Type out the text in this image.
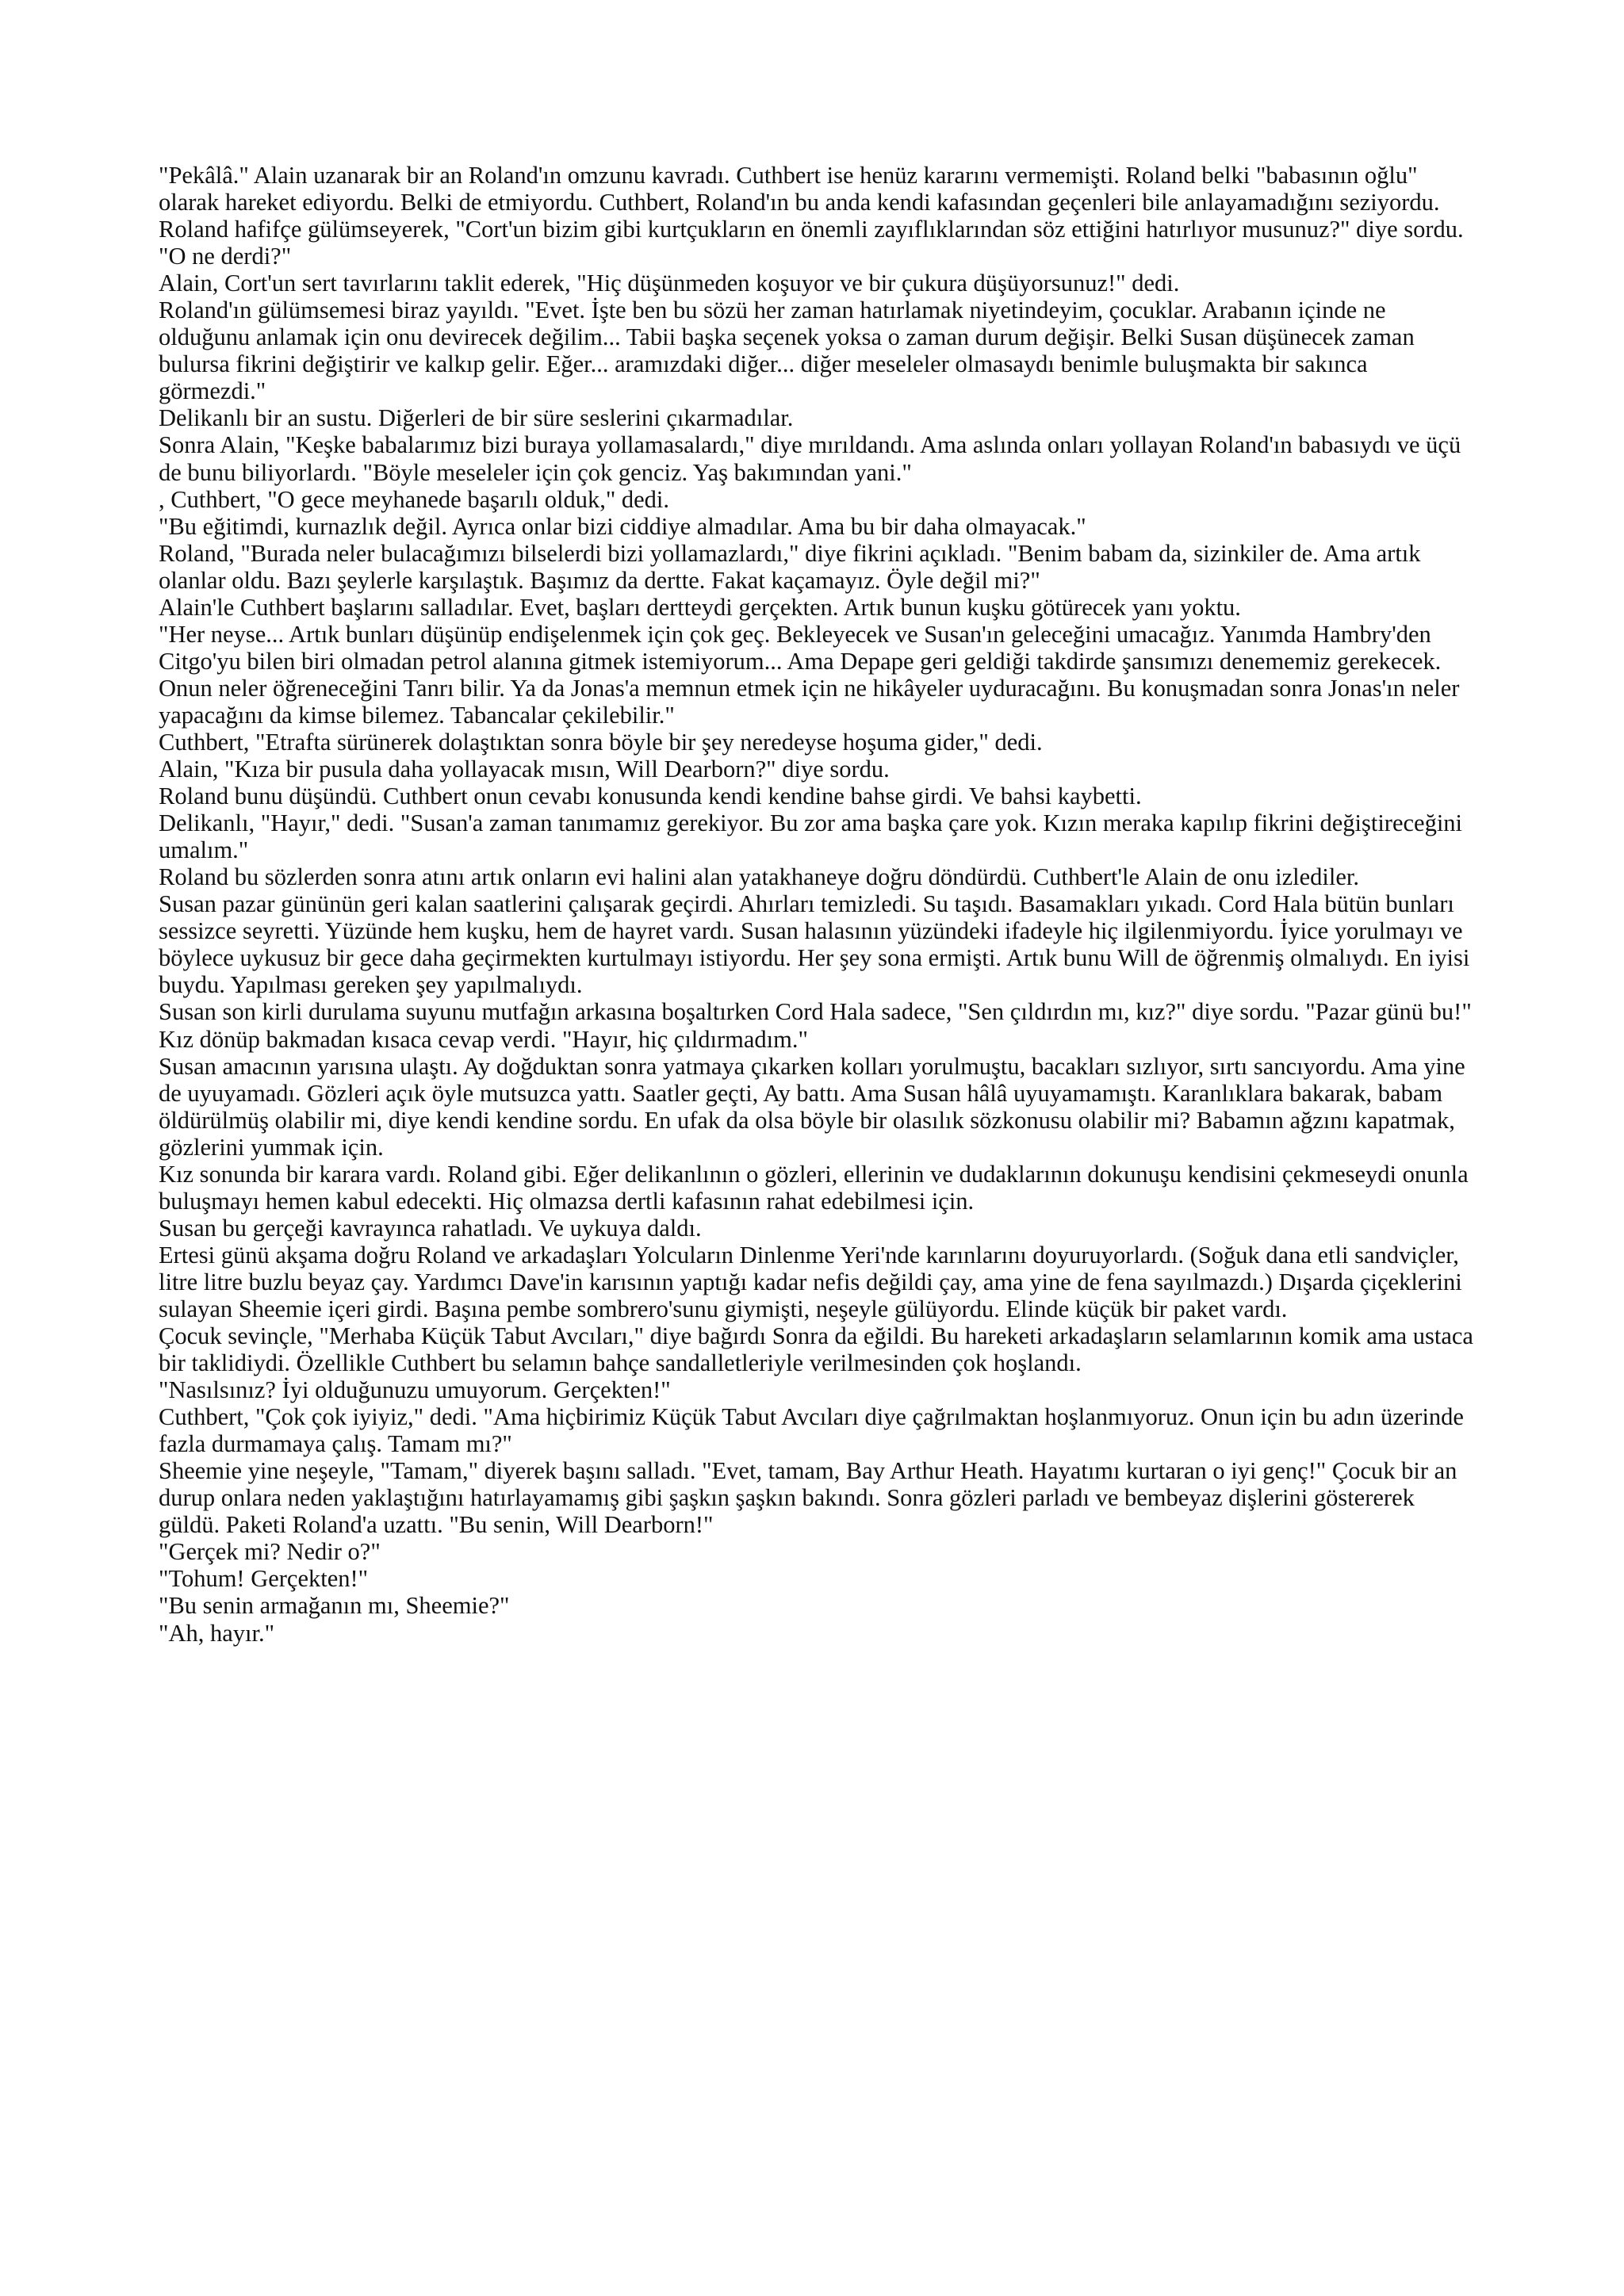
"Pekâlâ." Alain uzanarak bir an Roland'ın omzunu kavradı. Cuthbert ise henüz kararını vermemişti. Roland belki "babasının oğlu" olarak hareket ediyordu. Belki de etmiyordu. Cuthbert, Roland'ın bu anda kendi kafasından geçenleri bile anlayamadığını seziyordu.

Roland hafifçe gülümseyerek, "Cort'un bizim gibi kurtçukların en önemli zayıflıklarından söz ettiğini hatırlıyor musunuz?" diye sordu. "O ne derdi?"

Alain, Cort'un sert tavırlarını taklit ederek, "Hiç düşünmeden koşuyor ve bir çukura düşüyorsunuz!" dedi.

Roland'ın gülümsemesi biraz yayıldı. "Evet. İşte ben bu sözü her zaman hatırlamak niyetindeyim, çocuklar. Arabanın içinde ne olduğunu anlamak için onu devirecek değilim... Tabii başka seçenek yoksa o zaman durum değişir. Belki Susan düşünecek zaman bulursa fikrini değiştirir ve kalkıp gelir. Eğer... aramızdaki diğer... diğer meseleler olmasaydı benimle buluşmakta bir sakınca görmezdi."

Delikanlı bir an sustu. Diğerleri de bir süre seslerini çıkarmadılar.

Sonra Alain, "Keşke babalarımız bizi buraya yollamasalardı," diye mırıldandı. Ama aslında onları yollayan Roland'ın babasıydı ve üçü de bunu biliyorlardı. "Böyle meseleler için çok genciz. Yaş bakımından yani."

, Cuthbert, "O gece meyhanede başarılı olduk," dedi.

"Bu eğitimdi, kurnazlık değil. Ayrıca onlar bizi ciddiye almadılar. Ama bu bir daha olmayacak."

Roland, "Burada neler bulacağımızı bilselerdi bizi yollamazlardı," diye fikrini açıkladı. "Benim babam da, sizinkiler de. Ama artık olanlar oldu. Bazı şeylerle karşılaştık. Başımız da dertte. Fakat kaçamayız. Öyle değil mi?"

Alain'le Cuthbert başlarını salladılar. Evet, başları dertteydi gerçekten. Artık bunun kuşku götürecek yanı yoktu.

"Her neyse... Artık bunları düşünüp endişelenmek için çok geç. Bekleyecek ve Susan'ın geleceğini umacağız. Yanımda Hambry'den Citgo'yu bilen biri olmadan petrol alanına gitmek istemiyorum... Ama Depape geri geldiği takdirde şansımızı denememiz gerekecek. Onun neler öğreneceğini Tanrı bilir. Ya da Jonas'a memnun etmek için ne hikâyeler uyduracağını. Bu konuşmadan sonra Jonas'ın neler yapacağını da kimse bilemez. Tabancalar çekilebilir."

Cuthbert, "Etrafta sürünerek dolaştıktan sonra böyle bir şey neredeyse hoşuma gider," dedi.

Alain, "Kıza bir pusula daha yollayacak mısın, Will Dearborn?" diye sordu.

Roland bunu düşündü. Cuthbert onun cevabı konusunda kendi kendine bahse girdi. Ve bahsi kaybetti.

Delikanlı, "Hayır," dedi. "Susan'a zaman tanımamız gerekiyor. Bu zor ama başka çare yok. Kızın meraka kapılıp fikrini değiştireceğini umalım."

Roland bu sözlerden sonra atını artık onların evi halini alan yatakhaneye doğru döndürdü. Cuthbert'le Alain de onu izlediler.

Susan pazar gününün geri kalan saatlerini çalışarak geçirdi. Ahırları temizledi. Su taşıdı. Basamakları yıkadı. Cord Hala bütün bunları sessizce seyretti. Yüzünde hem kuşku, hem de hayret vardı. Susan halasının yüzündeki ifadeyle hiç ilgilenmiyordu. İyice yorulmayı ve böylece uykusuz bir gece daha geçirmekten kurtulmayı istiyordu. Her şey sona ermişti. Artık bunu Will de öğrenmiş olmalıydı. En iyisi buydu. Yapılması gereken şey yapılmalıydı.

Susan son kirli durulama suyunu mutfağın arkasına boşaltırken Cord Hala sadece, "Sen çıldırdın mı, kız?" diye sordu. "Pazar günü bu!"

Kız dönüp bakmadan kısaca cevap verdi. "Hayır, hiç çıldırmadım."

Susan amacının yarısına ulaştı. Ay doğduktan sonra yatmaya çıkarken kolları yorulmuştu, bacakları sızlıyor, sırtı sancıyordu. Ama yine de uyuyamadı. Gözleri açık öyle mutsuzca yattı. Saatler geçti, Ay battı. Ama Susan hâlâ uyuyamamıştı. Karanlıklara bakarak, babam öldürülmüş olabilir mi, diye kendi kendine sordu. En ufak da olsa böyle bir olasılık sözkonusu olabilir mi? Babamın ağzını kapatmak, gözlerini yummak için.

Kız sonunda bir karara vardı. Roland gibi. Eğer delikanlının o gözleri, ellerinin ve dudaklarının dokunuşu kendisini çekmeseydi onunla buluşmayı hemen kabul edecekti. Hiç olmazsa dertli kafasının rahat edebilmesi için.

Susan bu gerçeği kavrayınca rahatladı. Ve uykuya daldı.

Ertesi günü akşama doğru Roland ve arkadaşları Yolcuların Dinlenme Yeri'nde karınlarını doyuruyorlardı. (Soğuk dana etli sandviçler, litre litre buzlu beyaz çay. Yardımcı Dave'in karısının yaptığı kadar nefis değildi çay, ama yine de fena sayılmazdı.) Dışarda çiçeklerini sulayan Sheemie içeri girdi. Başına pembe sombrero'sunu giymişti, neşeyle gülüyordu. Elinde küçük bir paket vardı.

Çocuk sevinçle, "Merhaba Küçük Tabut Avcıları," diye bağırdı Sonra da eğildi. Bu hareketi arkadaşların selamlarının komik ama ustaca bir taklidiydi. Özellikle Cuthbert bu selamın bahçe sandalletleriyle verilmesinden çok hoşlandı.

"Nasılsınız? İyi olduğunuzu umuyorum. Gerçekten!"

Cuthbert, "Çok çok iyiyiz," dedi. "Ama hiçbirimiz Küçük Tabut Avcıları diye çağrılmaktan hoşlanmıyoruz. Onun için bu adın üzerinde fazla durmamaya çalış. Tamam mı?"

Sheemie yine neşeyle, "Tamam," diyerek başını salladı. "Evet, tamam, Bay Arthur Heath. Hayatımı kurtaran o iyi genç!" Çocuk bir an durup onlara neden yaklaştığını hatırlayamamış gibi şaşkın şaşkın bakındı. Sonra gözleri parladı ve bembeyaz dişlerini göstererek güldü. Paketi Roland'a uzattı. "Bu senin, Will Dearborn!"

"Gerçek mi? Nedir o?"

"Tohum! Gerçekten!"

"Bu senin armağanın mı, Sheemie?"

"Ah, hayır."
